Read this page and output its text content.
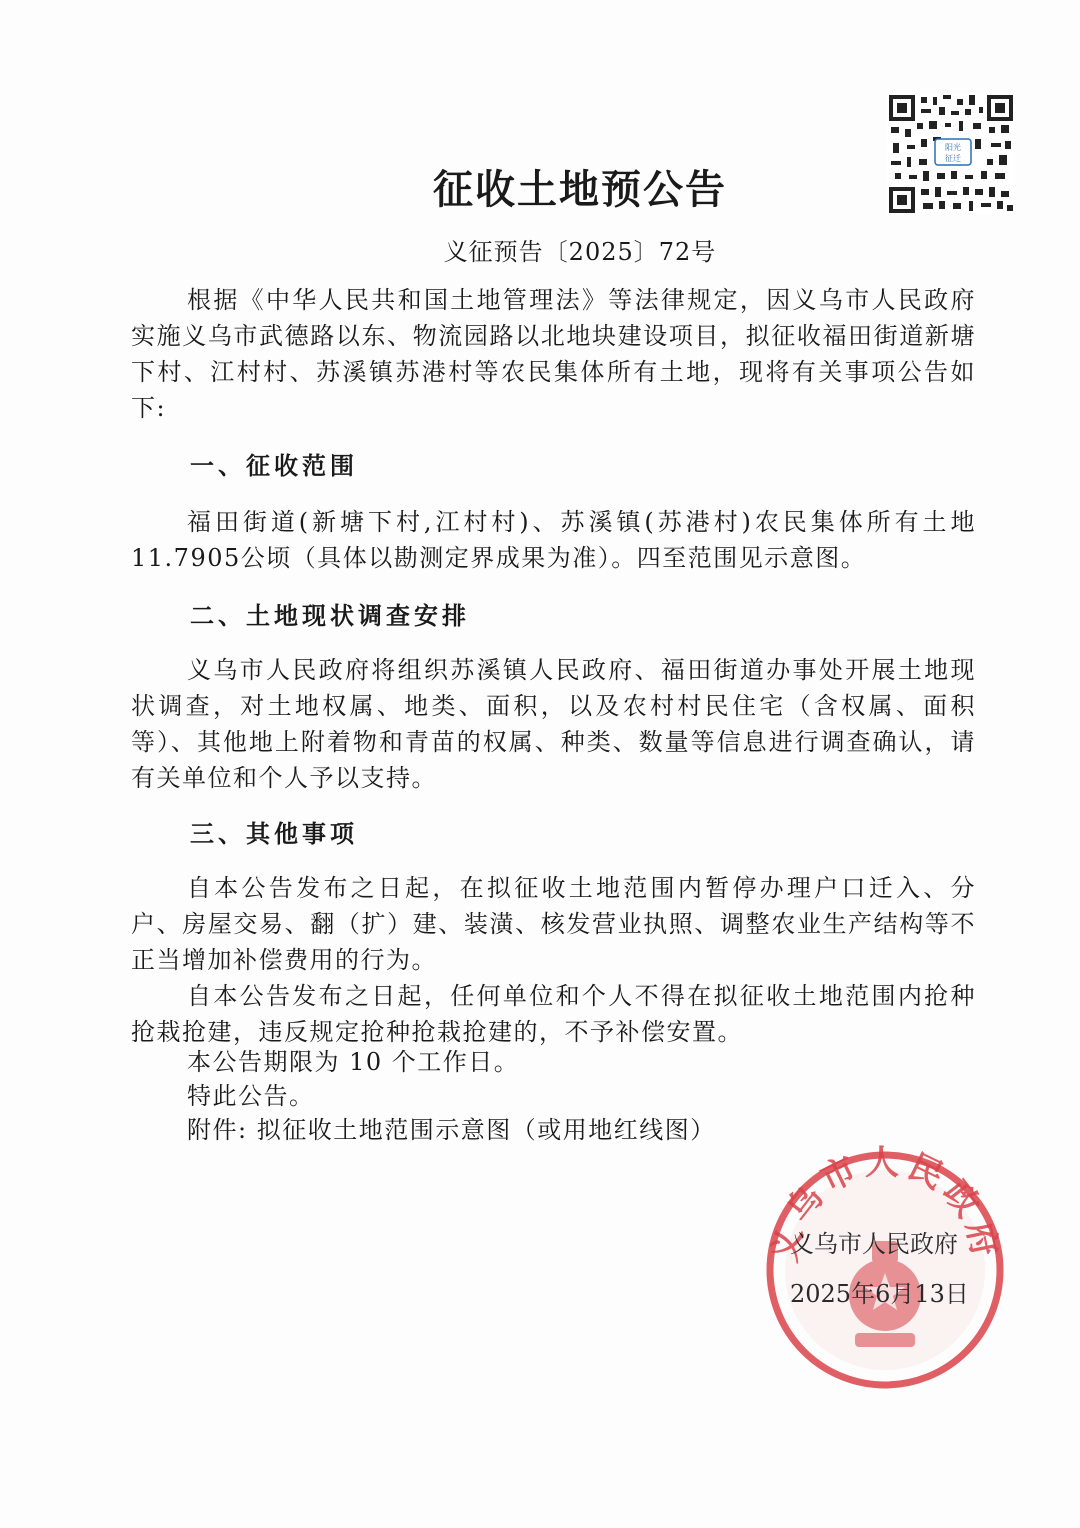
阳光
征迁
征收土地预公告
义征预告〔2025〕72号
根据《中华人民共和国土地管理法》等法律规定，因义乌市人民政府实施义乌市武德路以东、物流园路以北地块建设项目，拟征收福田街道新塘下村、江村村、苏溪镇苏港村等农民集体所有土地，现将有关事项公告如下:
一、征收范围
福田街道(新塘下村,江村村)、苏溪镇(苏港村)农民集体所有土地11.7905公顷（具体以勘测定界成果为准）。四至范围见示意图。
二、土地现状调查安排
义乌市人民政府将组织苏溪镇人民政府、福田街道办事处开展土地现状调查，对土地权属、地类、面积，以及农村村民住宅（含权属、面积等）、其他地上附着物和青苗的权属、种类、数量等信息进行调查确认，请有关单位和个人予以支持。
三、其他事项
自本公告发布之日起，在拟征收土地范围内暂停办理户口迁入、分户、房屋交易、翻（扩）建、装潢、核发营业执照、调整农业生产结构等不正当增加补偿费用的行为。
自本公告发布之日起，任何单位和个人不得在拟征收土地范围内抢种抢栽抢建，违反规定抢种抢栽抢建的，不予补偿安置。
本公告期限为 10 个工作日。
特此公告。
附件: 拟征收土地范围示意图（或用地红线图）
义乌市人民政府
义乌市人民政府
2025年6月13日
